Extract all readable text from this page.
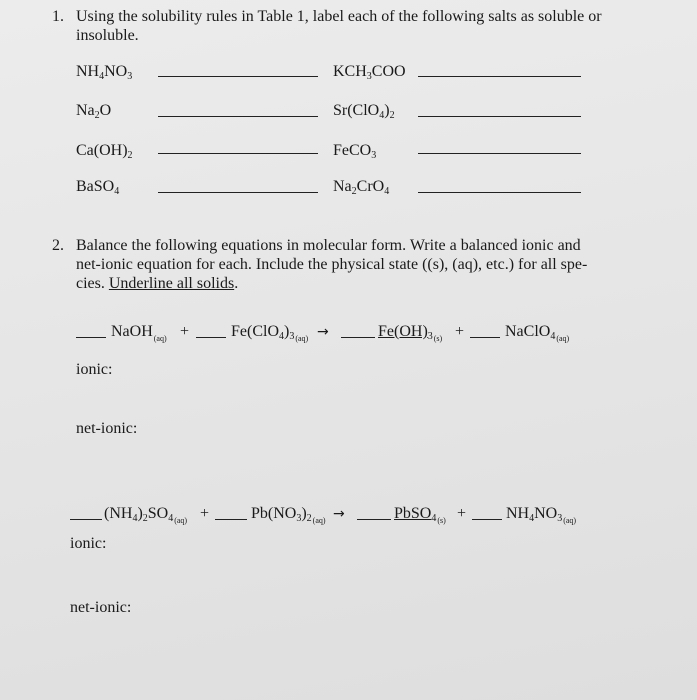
1. Using the solubility rules in Table 1, label each of the following salts as soluble or
insoluble.
$NH_4NO_3$	$KCH_3COO$
$Na_2O$	$Sr(ClO_4)_2$
$Ca(OH)_2$	FeCO$_3$
BaSO$_4$	$Na_2CrO_4$
2. Balance the following equations in molecular form. Write a balanced ionic and
net-ionic equation for each. Include the physical state ((s), (aq), etc.) for all spe-
cies. Underline all solids.
NaOH$_{(aq)}$ +	$Fe(ClO_4)_{3(aq)}$ →	$Fe(OH)_{3(s)}$ +	NaClO$_{4(aq)}$
ionic:
net-ionic:
$(NH_4)_2SO_{4(aq)}$ +	$Pb(NO_3)_{2(aq)}$ →	PbSO$_{4(s)}$ + $NH_4NO_{3(aq)}$
ionic:
net-ionic:
